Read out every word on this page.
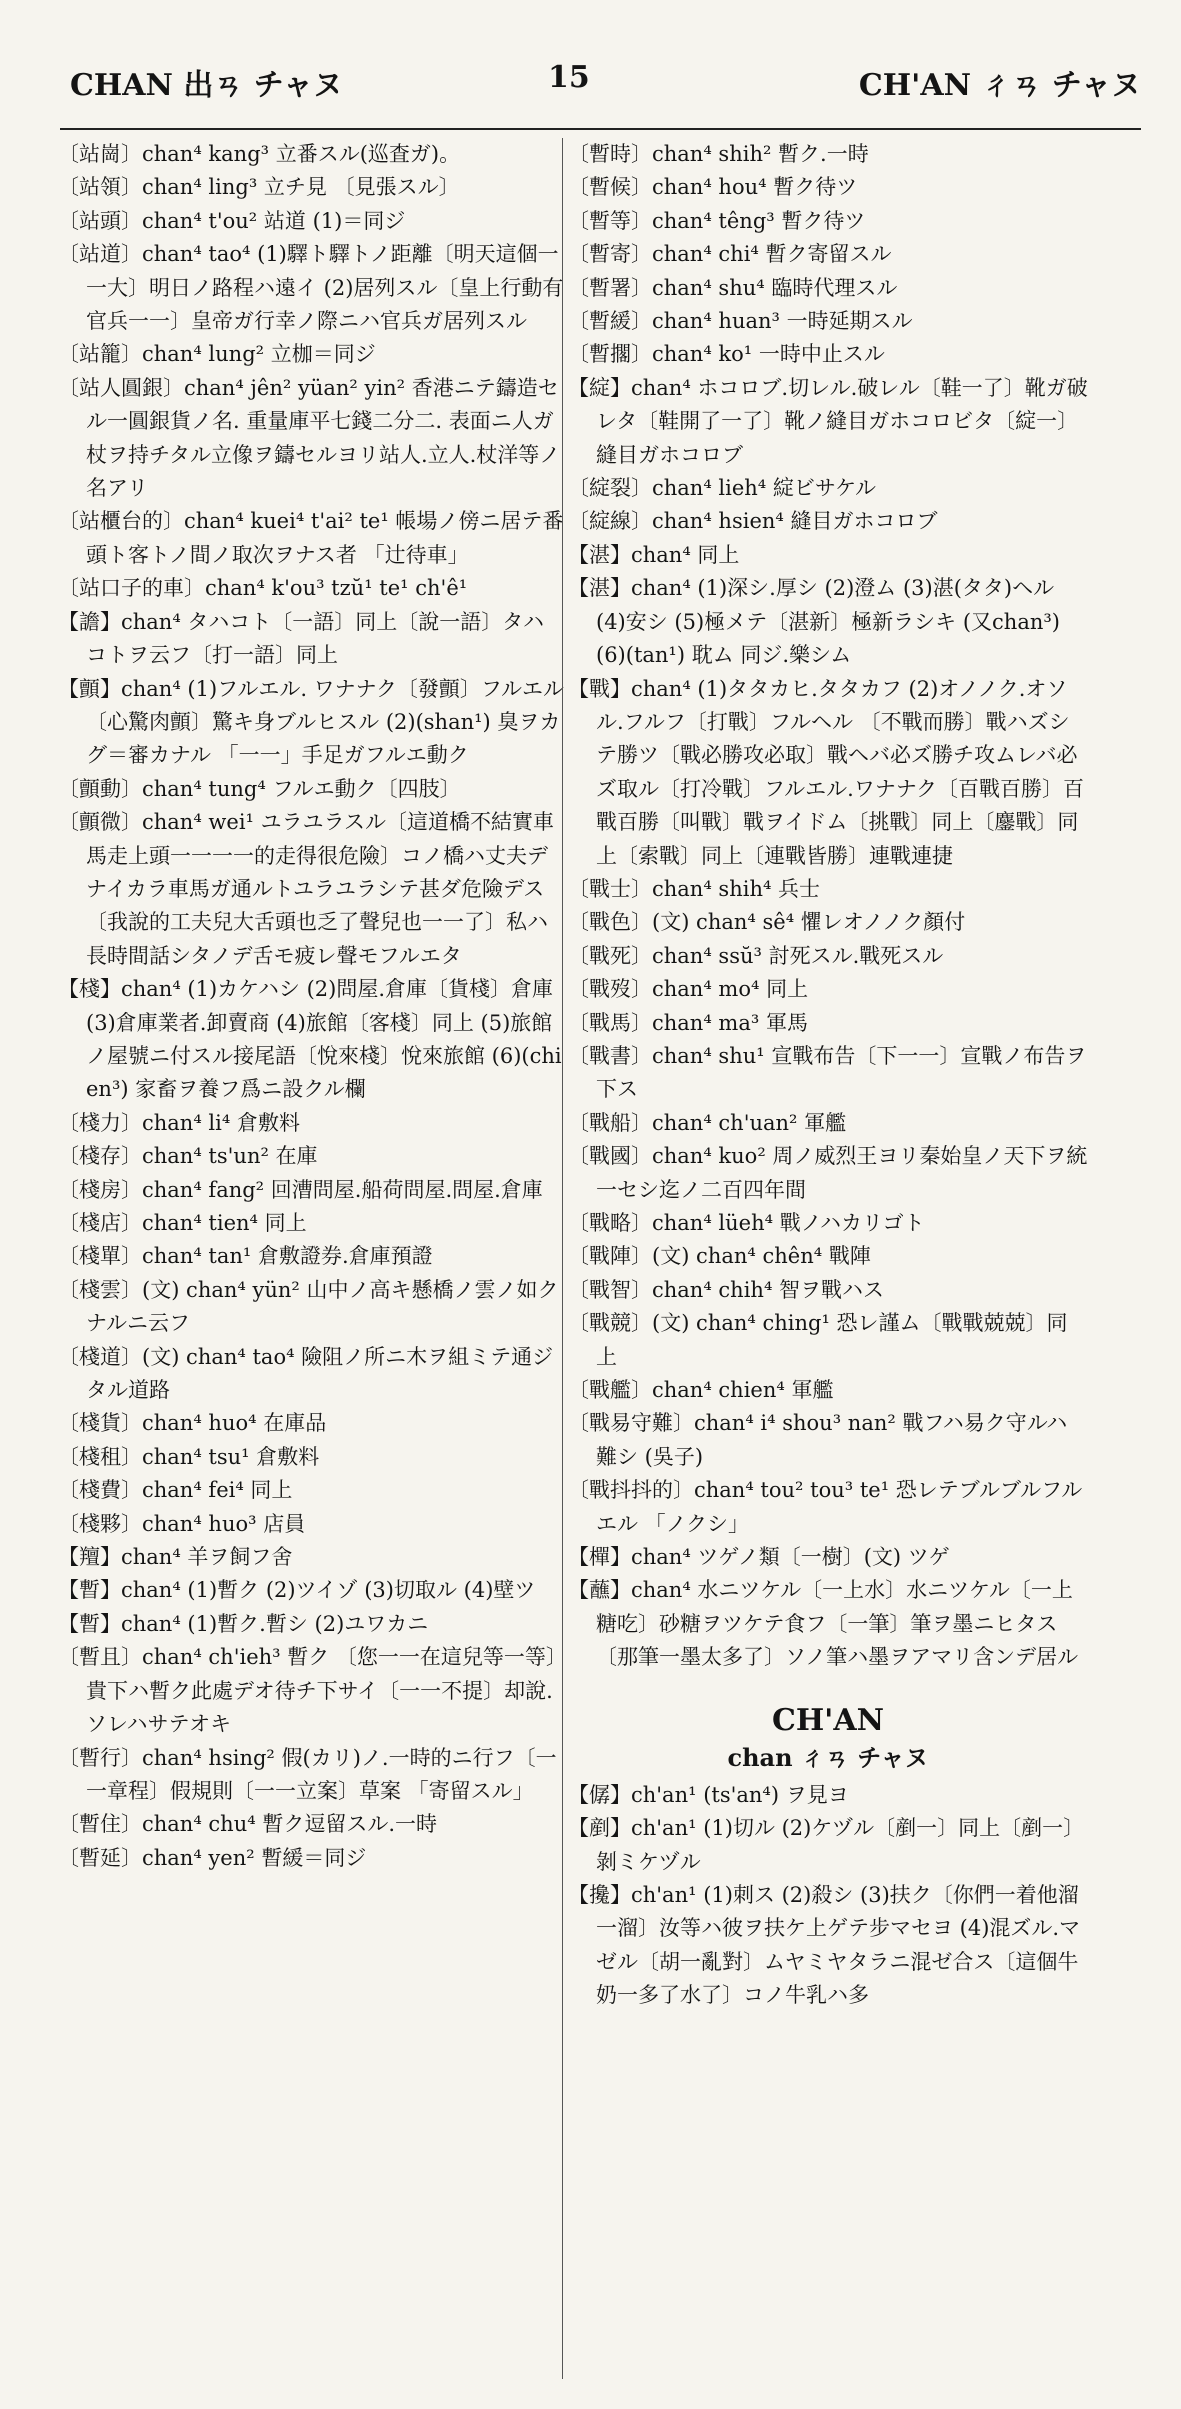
CHAN 出ㄢ チャヌ	15	CH'AN ㄔㄢ チャヌ

〔站崗〕chan⁴ kang³ 立番スル(巡査ガ)。

〔站領〕chan⁴ ling³ 立チ見 〔見張スル〕

〔站頭〕chan⁴ t'ou² 站道 (1)＝同ジ

〔站道〕chan⁴ tao⁴ (1)驛ト驛トノ距離〔明天這個一一大〕明日ノ路程ハ遠イ (2)居列スル〔皇上行動有官兵一一〕皇帝ガ行幸ノ際ニハ官兵ガ居列スル

〔站籠〕chan⁴ lung² 立枷＝同ジ

〔站人圓銀〕chan⁴ jên² yüan² yin² 香港ニテ鑄造セル一圓銀貨ノ名. 重量庫平七錢二分二. 表面ニ人ガ杖ヲ持チタル立像ヲ鑄セルヨリ站人.立人.杖洋等ノ名アリ

〔站櫃台的〕chan⁴ kuei⁴ t'ai² te¹ 帳場ノ傍ニ居テ番頭ト客トノ間ノ取次ヲナス者 「辻待車」

〔站口子的車〕chan⁴ k'ou³ tzŭ¹ te¹ ch'ê¹

【譫】chan⁴ タハコト〔一語〕同上〔說一語〕タハコトヲ云フ〔打一語〕同上

【顫】chan⁴ (1)フルエル. ワナナク〔發顫〕フルエル〔心驚肉顫〕驚キ身ブルヒスル (2)(shan¹) 臭ヲカグ＝審カナル 「一一」手足ガフルエ動ク

〔顫動〕chan⁴ tung⁴ フルエ動ク〔四肢〕

〔顫微〕chan⁴ wei¹ ユラユラスル〔這道橋不結實車馬走上頭一一一一的走得很危險〕コノ橋ハ丈夫デナイカラ車馬ガ通ルトユラユラシテ甚ダ危險デス〔我說的工夫兒大舌頭也乏了聲兒也一一了〕私ハ長時間話シタノデ舌モ疲レ聲モフルエタ

【棧】chan⁴ (1)カケハシ (2)問屋.倉庫〔貨棧〕倉庫 (3)倉庫業者.卸賣商 (4)旅館〔客棧〕同上 (5)旅館ノ屋號ニ付スル接尾語〔悅來棧〕悅來旅館 (6)(chien³) 家畜ヲ養フ爲ニ設クル欄

〔棧力〕chan⁴ li⁴ 倉敷料

〔棧存〕chan⁴ ts'un² 在庫

〔棧房〕chan⁴ fang² 回漕問屋.船荷問屋.問屋.倉庫

〔棧店〕chan⁴ tien⁴ 同上

〔棧單〕chan⁴ tan¹ 倉敷證券.倉庫預證

〔棧雲〕(文) chan⁴ yün² 山中ノ高キ懸橋ノ雲ノ如クナルニ云フ

〔棧道〕(文) chan⁴ tao⁴ 險阻ノ所ニ木ヲ組ミテ通ジタル道路

〔棧貨〕chan⁴ huo⁴ 在庫品

〔棧租〕chan⁴ tsu¹ 倉敷料

〔棧費〕chan⁴ fei⁴ 同上

〔棧夥〕chan⁴ huo³ 店員

【羶】chan⁴ 羊ヲ飼フ舍

【暫】chan⁴ (1)暫ク (2)ツイゾ (3)切取ル (4)壁ツ

【暫】chan⁴ (1)暫ク.暫シ (2)ユワカニ

〔暫且〕chan⁴ ch'ieh³ 暫ク 〔您一一在這兒等一等〕貴下ハ暫ク此處デオ待チ下サイ〔一一不提〕却說. ソレハサテオキ

〔暫行〕chan⁴ hsing² 假(カリ)ノ.一時的ニ行フ〔一一章程〕假規則〔一一立案〕草案 「寄留スル」

〔暫住〕chan⁴ chu⁴ 暫ク逗留スル.一時

〔暫延〕chan⁴ yen² 暫緩＝同ジ

〔暫時〕chan⁴ shih² 暫ク.一時

〔暫候〕chan⁴ hou⁴ 暫ク待ツ

〔暫等〕chan⁴ têng³ 暫ク待ツ

〔暫寄〕chan⁴ chi⁴ 暫ク寄留スル

〔暫署〕chan⁴ shu⁴ 臨時代理スル

〔暫緩〕chan⁴ huan³ 一時延期スル

〔暫擱〕chan⁴ ko¹ 一時中止スル

【綻】chan⁴ ホコロブ.切レル.破レル〔鞋一了〕靴ガ破レタ〔鞋開了一了〕靴ノ縫目ガホコロビタ〔綻一〕縫目ガホコロブ

〔綻裂〕chan⁴ lieh⁴ 綻ビサケル

〔綻線〕chan⁴ hsien⁴ 縫目ガホコロブ

【湛】chan⁴ 同上

【湛】chan⁴ (1)深シ.厚シ (2)澄ム (3)湛(タタ)ヘル (4)安シ (5)極メテ〔湛新〕極新ラシキ (又chan³) (6)(tan¹) 耽ム 同ジ.樂シム

【戰】chan⁴ (1)タタカヒ.タタカフ (2)オノノク.オソル.フルフ〔打戰〕フルヘル 〔不戰而勝〕戰ハズシテ勝ツ〔戰必勝攻必取〕戰ヘバ必ズ勝チ攻ムレバ必ズ取ル〔打冷戰〕フルエル.ワナナク〔百戰百勝〕百戰百勝〔叫戰〕戰ヲイドム〔挑戰〕同上〔鏖戰〕同上〔索戰〕同上〔連戰皆勝〕連戰連捷

〔戰士〕chan⁴ shih⁴ 兵士

〔戰色〕(文) chan⁴ sê⁴ 懼レオノノク顏付

〔戰死〕chan⁴ ssŭ³ 討死スル.戰死スル

〔戰歿〕chan⁴ mo⁴ 同上

〔戰馬〕chan⁴ ma³ 軍馬

〔戰書〕chan⁴ shu¹ 宣戰布告〔下一一〕宣戰ノ布告ヲ下ス

〔戰船〕chan⁴ ch'uan² 軍艦

〔戰國〕chan⁴ kuo² 周ノ威烈王ヨリ秦始皇ノ天下ヲ統一セシ迄ノ二百四年間

〔戰略〕chan⁴ lüeh⁴ 戰ノハカリゴト

〔戰陣〕(文) chan⁴ chên⁴ 戰陣

〔戰智〕chan⁴ chih⁴ 智ヲ戰ハス

〔戰競〕(文) chan⁴ ching¹ 恐レ謹ム〔戰戰兢兢〕同上

〔戰艦〕chan⁴ chien⁴ 軍艦

〔戰易守難〕chan⁴ i⁴ shou³ nan² 戰フハ易ク守ルハ難シ (吳子)

〔戰抖抖的〕chan⁴ tou² tou³ te¹ 恐レテブルブルフルエル 「ノクシ」

【樿】chan⁴ ツゲノ類〔一樹〕(文) ツゲ

【蘸】chan⁴ 水ニツケル〔一上水〕水ニツケル〔一上糖吃〕砂糖ヲツケテ食フ〔一筆〕筆ヲ墨ニヒタス〔那筆一墨太多了〕ソノ筆ハ墨ヲアマリ含ンデ居ル

CH'AN
chan ㄔㄢ チャヌ

【僝】ch'an¹ (ts'an⁴) ヲ見ヨ

【剷】ch'an¹ (1)切ル (2)ケヅル〔剷一〕同上〔剷一〕剝ミケヅル

【攙】ch'an¹ (1)刺ス (2)殺シ (3)扶ク〔你們一着他溜一溜〕汝等ハ彼ヲ扶ケ上ゲテ步マセヨ (4)混ズル.マゼル〔胡一亂對〕ムヤミヤタラニ混ゼ合ス〔這個牛奶一多了水了〕コノ牛乳ハ多
